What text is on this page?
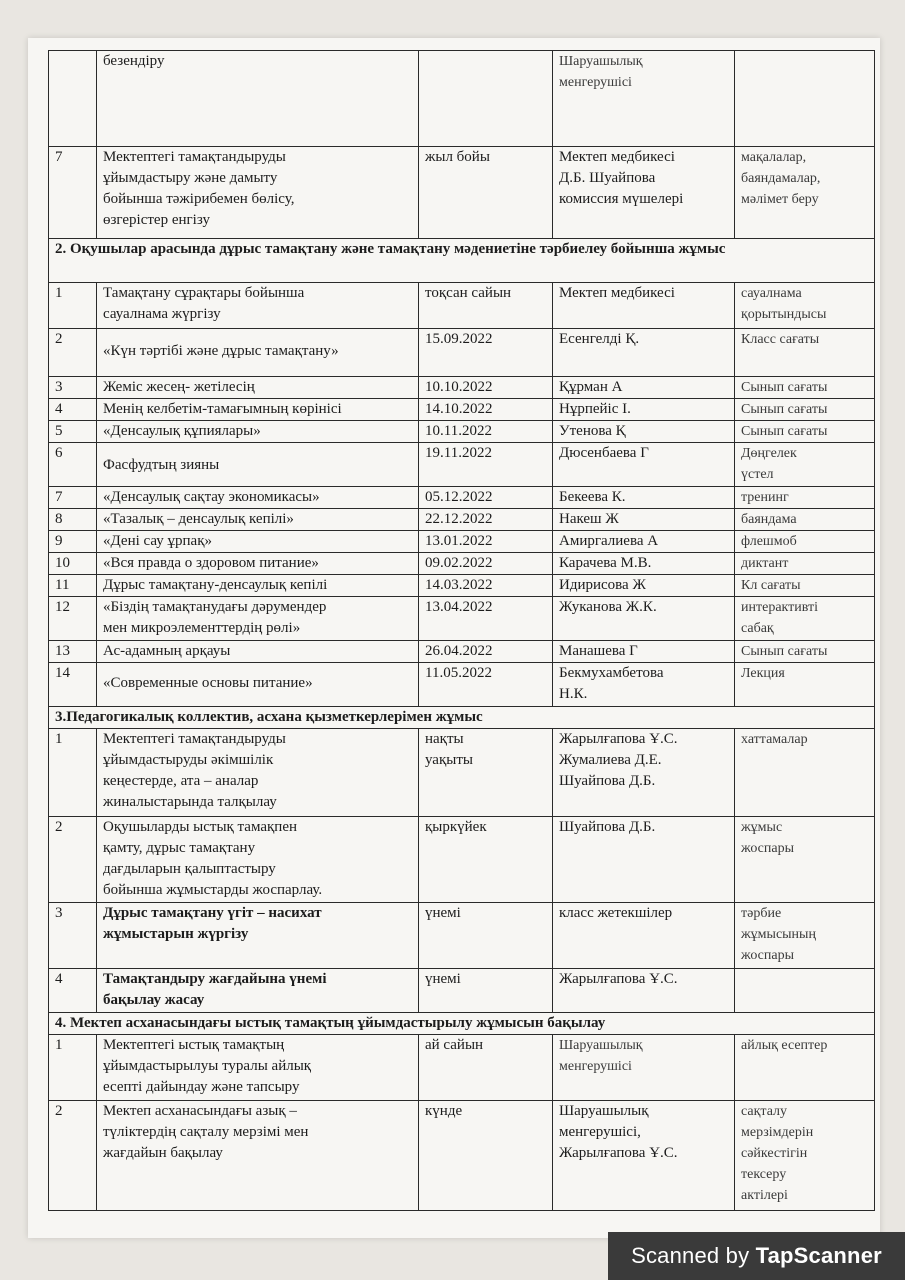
	безендіру		Шаруашылық
менгерушісі	
7	Мектептегі тамақтандыруды
ұйымдастыру және дамыту
бойынша тәжірибемен бөлісу,
өзгерістер енгізу	жыл бойы	Мектеп медбикесі
Д.Б. Шуайпова
комиссия мүшелері	мақалалар,
баяндамалар,
мәлімет беру
2. Оқушылар арасында дұрыс тамақтану және тамақтану мәдениетіне тәрбиелеу бойынша жұмыс				
1	Тамақтану сұрақтары бойынша
сауалнама жүргізу	тоқсан сайын	Мектеп медбикесі	сауалнама
қорытындысы
2	«Күн тәртібі және дұрыс тамақтану»	15.09.2022	Есенгелді Қ.	Класс сағаты
3	Жеміс жесең- жетілесің	10.10.2022	Құрман А	Сынып сағаты
4	Менің келбетім-тамағымның көрінісі	14.10.2022	Нұрпейіс І.	Сынып сағаты
5	«Денсаулық құпиялары»	10.11.2022	Утенова Қ	Сынып сағаты
6	Фасфудтың зияны	19.11.2022	Дюсенбаева Г	Дөңгелек
үстел
7	«Денсаулық сақтау экономикасы»	05.12.2022	Бекеева К.	тренинг
8	«Тазалық – денсаулық кепілі»	22.12.2022	Накеш Ж	баяндама
9	«Дені сау ұрпақ»	13.01.2022	Амиргалиева А	флешмоб
10	«Вся правда о здоровом питание»	09.02.2022	Карачева М.В.	диктант
11	Дұрыс тамақтану-денсаулық кепілі	14.03.2022	Идирисова Ж	Кл сағаты
12	«Біздің тамақтанудағы дәрумендер
мен микроэлементтердің рөлі»	13.04.2022	Жуканова Ж.К.	интерактивті
сабақ
13	Ас-адамның арқауы	26.04.2022	Манашева Г	Сынып сағаты
14	«Современные основы питание»	11.05.2022	Бекмухамбетова
Н.К.	Лекция
3.Педагогикалық коллектив, асхана қызметкерлерімен жұмыс				
1	Мектептегі тамақтандыруды
ұйымдастыруды әкімшілік
кеңестерде, ата – аналар
жиналыстарында талқылау	нақты
уақыты	Жарылғапова Ұ.С.
Жумалиева Д.Е.
Шуайпова Д.Б.	хаттамалар
2	Оқушыларды ыстық тамақпен
қамту, дұрыс тамақтану
дағдыларын қалыптастыру
бойынша жұмыстарды жоспарлау.	қыркүйек	Шуайпова Д.Б.	жұмыс
жоспары
3	Дұрыс тамақтану үгіт – насихат
жұмыстарын жүргізу	үнемі	класс жетекшілер	тәрбие
жұмысының
жоспары
4	Тамақтандыру жағдайына үнемі
бақылау жасау	үнемі	Жарылғапова Ұ.С.	
4. Мектеп асханасындағы ыстық тамақтың ұйымдастырылу жұмысын бақылау				
1	Мектептегі ыстық тамақтың
ұйымдастырылуы туралы айлық
есепті дайындау және тапсыру	ай сайын	Шаруашылық
менгерушісі	айлық есептер
2	Мектеп асханасындағы азық –
түліктердің сақталу мерзімі мен
жағдайын бақылау	күнде	Шаруашылық
менгерушісі,
Жарылғапова Ұ.С.	сақталу
мерзімдерін
сәйкестігін
тексеру
актілері
Scanned by TapScanner
